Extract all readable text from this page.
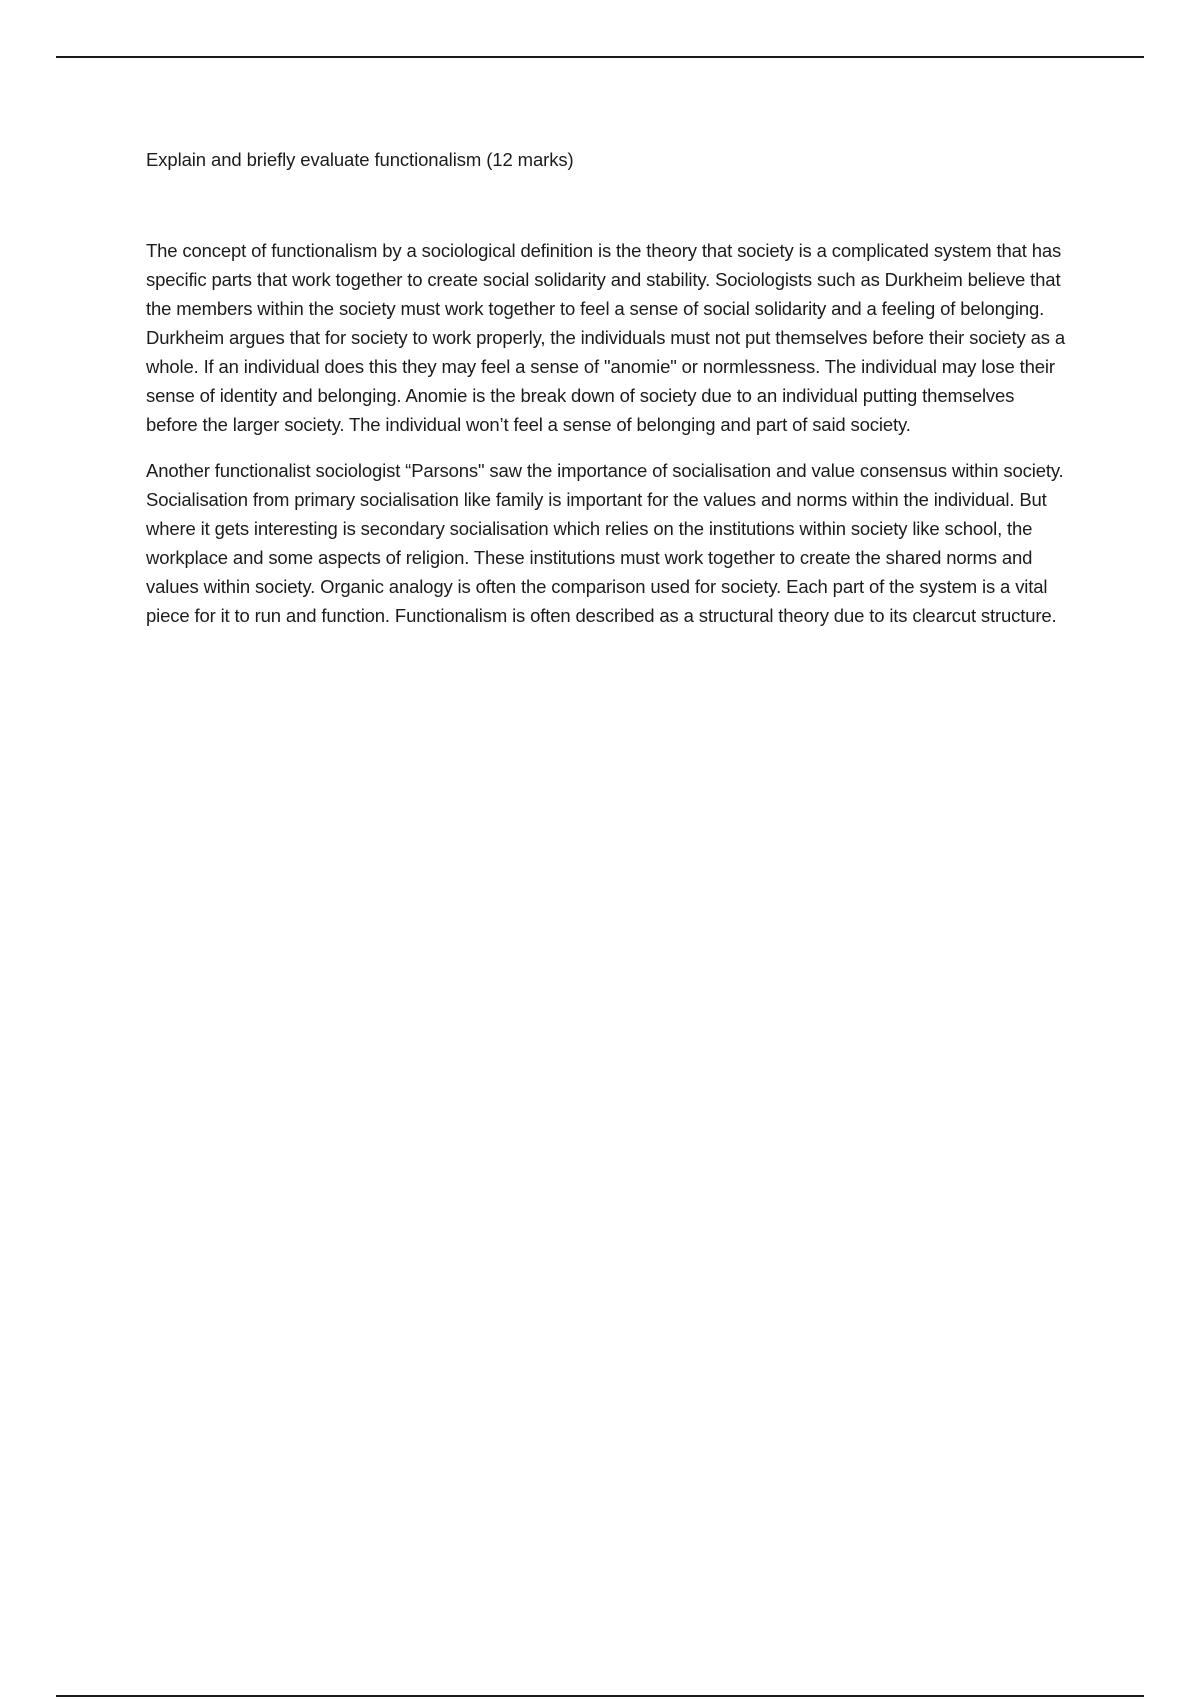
Explain and briefly evaluate functionalism (12 marks)

The concept of functionalism by a sociological definition is the theory that society is a complicated system that has specific parts that work together to create social solidarity and stability. Sociologists such as Durkheim believe that the members within the society must work together to feel a sense of social solidarity and a feeling of belonging. Durkheim argues that for society to work properly, the individuals must not put themselves before their society as a whole. If an individual does this they may feel a sense of "anomie" or normlessness. The individual may lose their sense of identity and belonging. Anomie is the break down of society due to an individual putting themselves before the larger society. The individual won’t feel a sense of belonging and part of said society.

Another functionalist sociologist “Parsons" saw the importance of socialisation and value consensus within society. Socialisation from primary socialisation like family is important for the values and norms within the individual. But where it gets interesting is secondary socialisation which relies on the institutions within society like school, the workplace and some aspects of religion. These institutions must work together to create the shared norms and values within society. Organic analogy is often the comparison used for society. Each part of the system is a vital piece for it to run and function. Functionalism is often described as a structural theory due to its clearcut structure.
